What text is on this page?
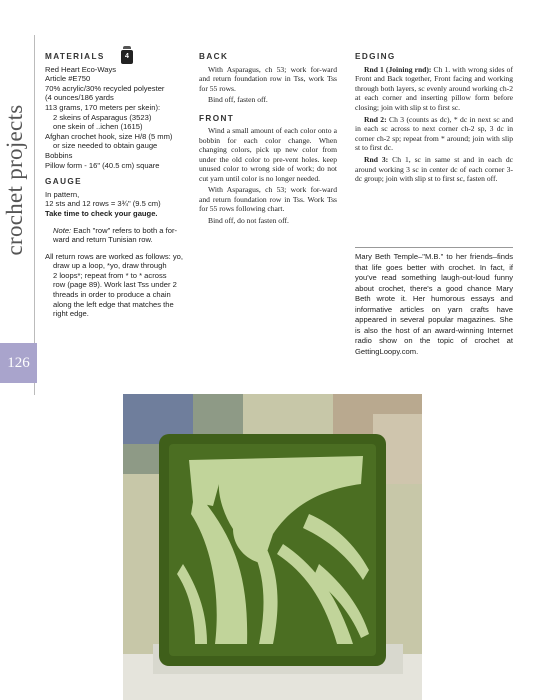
crochet projects
126
MATERIALS
Red Heart Eco-Ways
Article #E750
70% acrylic/30% recycled polyester
(4 ounces/186 yards
113 grams, 170 meters per skein):
2 skeins of Asparagus (3523)
one skein of ..ichen (1615)
Afghan crochet hook, size H/8 (5 mm)
or size needed to obtain gauge
Bobbins
Pillow form - 16" (40.5 cm) square
GAUGE
In pattern,
12 sts and 12 rows = 3¾" (9.5 cm)
Take time to check your gauge.
Note: Each "row" refers to both a for-
ward and return Tunisian row.
All return rows are worked as follows: yo,
draw up a loop, *yo, draw through
2 loops*; repeat from * to * across
row (page 89). Work last Tss under 2
threads in order to produce a chain
along the left edge that matches the
right edge.
4	BACK

With Asparagus, ch 53; work for-ward and return foundation row in Tss, work Tss for 55 rows.

Bind off, fasten off.

FRONT

Wind a small amount of each color onto a bobbin for each color change. When changing colors, pick up new color from under the old color to pre-vent holes. keep unused color to wrong side of work; do not cut yarn until color is no longer needed.

With Asparagus, ch 53; work for-ward and return foundation row in Tss. Work Tss for 55 rows following chart.

Bind off, do not fasten off.

EDGING

Rnd 1 (Joining rnd): Ch 1. with wrong sides of Front and Back together, Front facing and working through both layers, sc evenly around working ch-2 at each corner and inserting pillow form before closing; join with slip st to first sc.

Rnd 2: Ch 3 (counts as dc), * dc in next sc and in each sc across to next corner ch-2 sp, 3 dc in corner ch-2 sp; repeat from * around; join with slip st to first dc.

Rnd 3: Ch 1, sc in same st and in each dc around working 3 sc in center dc of each corner 3-dc group; join with slip st to first sc, fasten off.

Mary Beth Temple–"M.B." to her friends–finds that life goes better with crochet. In fact, if you've read something laugh-out-loud funny about crochet, there's a good chance Mary Beth wrote it. Her humorous essays and informative articles on yarn crafts have appeared in several popular magazines. She is also the host of an award-winning Internet radio show on the topic of crochet at GettingLoopy.com.
